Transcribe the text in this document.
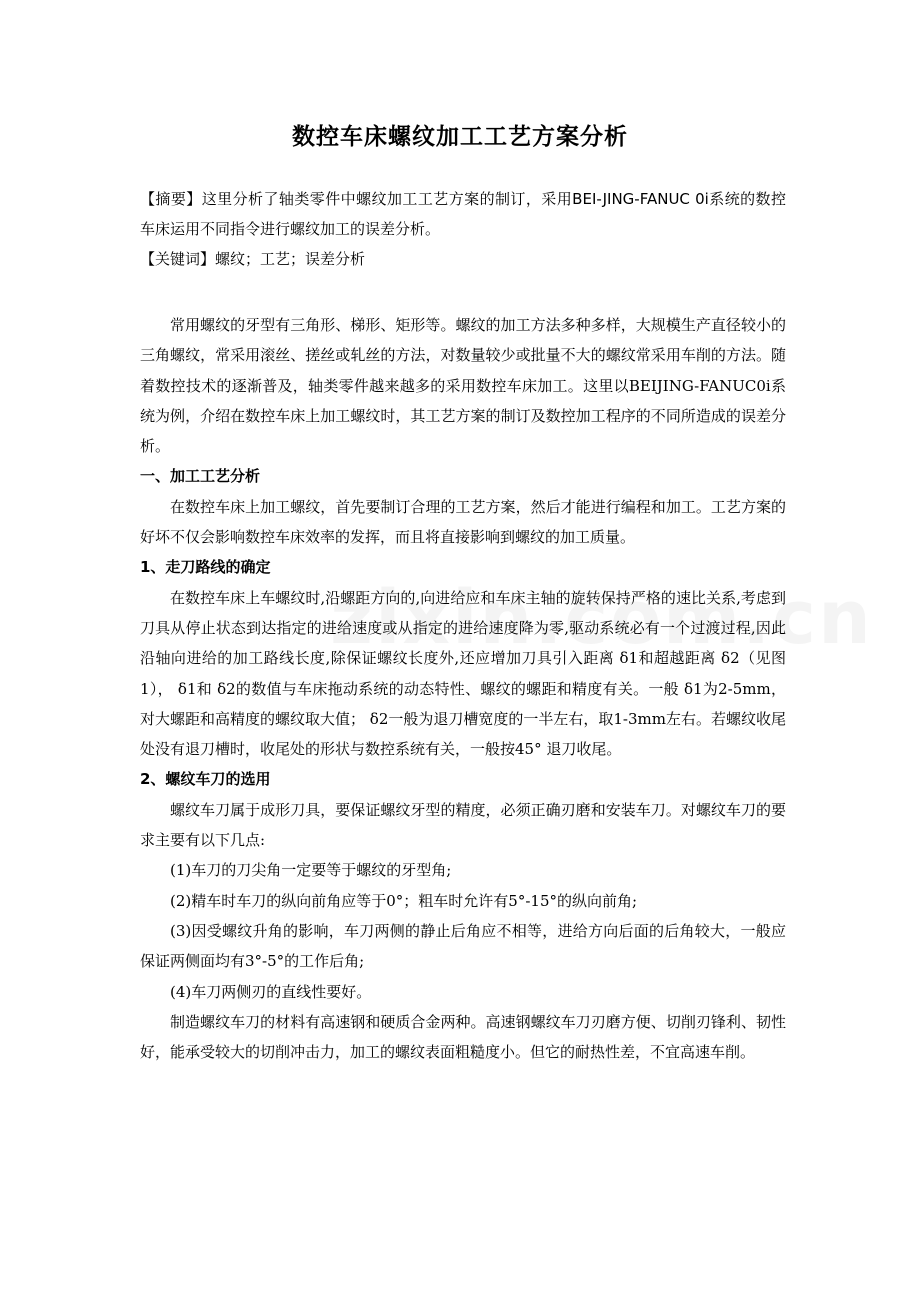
数控车床螺纹加工工艺方案分析

【摘要】这里分析了轴类零件中螺纹加工工艺方案的制订，采用BEI-JING-FANUC 0i系统的数控车床运用不同指令进行螺纹加工的误差分析。

【关键词】螺纹；工艺；误差分析

常用螺纹的牙型有三角形、梯形、矩形等。螺纹的加工方法多种多样，大规模生产直径较小的三角螺纹，常采用滚丝、搓丝或轧丝的方法，对数量较少或批量不大的螺纹常采用车削的方法。随着数控技术的逐渐普及，轴类零件越来越多的采用数控车床加工。这里以BEIJING-FANUC0i系统为例，介绍在数控车床上加工螺纹时，其工艺方案的制订及数控加工程序的不同所造成的误差分析。

一、加工工艺分析

在数控车床上加工螺纹，首先要制订合理的工艺方案，然后才能进行编程和加工。工艺方案的好坏不仅会影响数控车床效率的发挥，而且将直接影响到螺纹的加工质量。

1、走刀路线的确定

在数控车床上车螺纹时,沿螺距方向的,向进给应和车床主轴的旋转保持严格的速比关系,考虑到刀具从停止状态到达指定的进给速度或从指定的进给速度降为零,驱动系统必有一个过渡过程,因此沿轴向进给的加工路线长度,除保证螺纹长度外,还应增加刀具引入距离 δ1和超越距离 δ2（见图1）， δ1和 δ2的数值与车床拖动系统的动态特性、螺纹的螺距和精度有关。一般 δ1为2-5mm，对大螺距和高精度的螺纹取大值； δ2一般为退刀槽宽度的一半左右，取1-3mm左右。若螺纹收尾处没有退刀槽时，收尾处的形状与数控系统有关，一般按45° 退刀收尾。

2、螺纹车刀的选用

螺纹车刀属于成形刀具，要保证螺纹牙型的精度，必须正确刃磨和安装车刀。对螺纹车刀的要求主要有以下几点:

(1)车刀的刀尖角一定要等于螺纹的牙型角;

(2)精车时车刀的纵向前角应等于0°；粗车时允许有5°-15°的纵向前角;

(3)因受螺纹升角的影响，车刀两侧的静止后角应不相等，进给方向后面的后角较大，一般应保证两侧面均有3°-5°的工作后角;

(4)车刀两侧刃的直线性要好。

制造螺纹车刀的材料有高速钢和硬质合金两种。高速钢螺纹车刀刃磨方便、切削刃锋利、韧性好，能承受较大的切削冲击力，加工的螺纹表面粗糙度小。但它的耐热性差，不宜高速车削。
